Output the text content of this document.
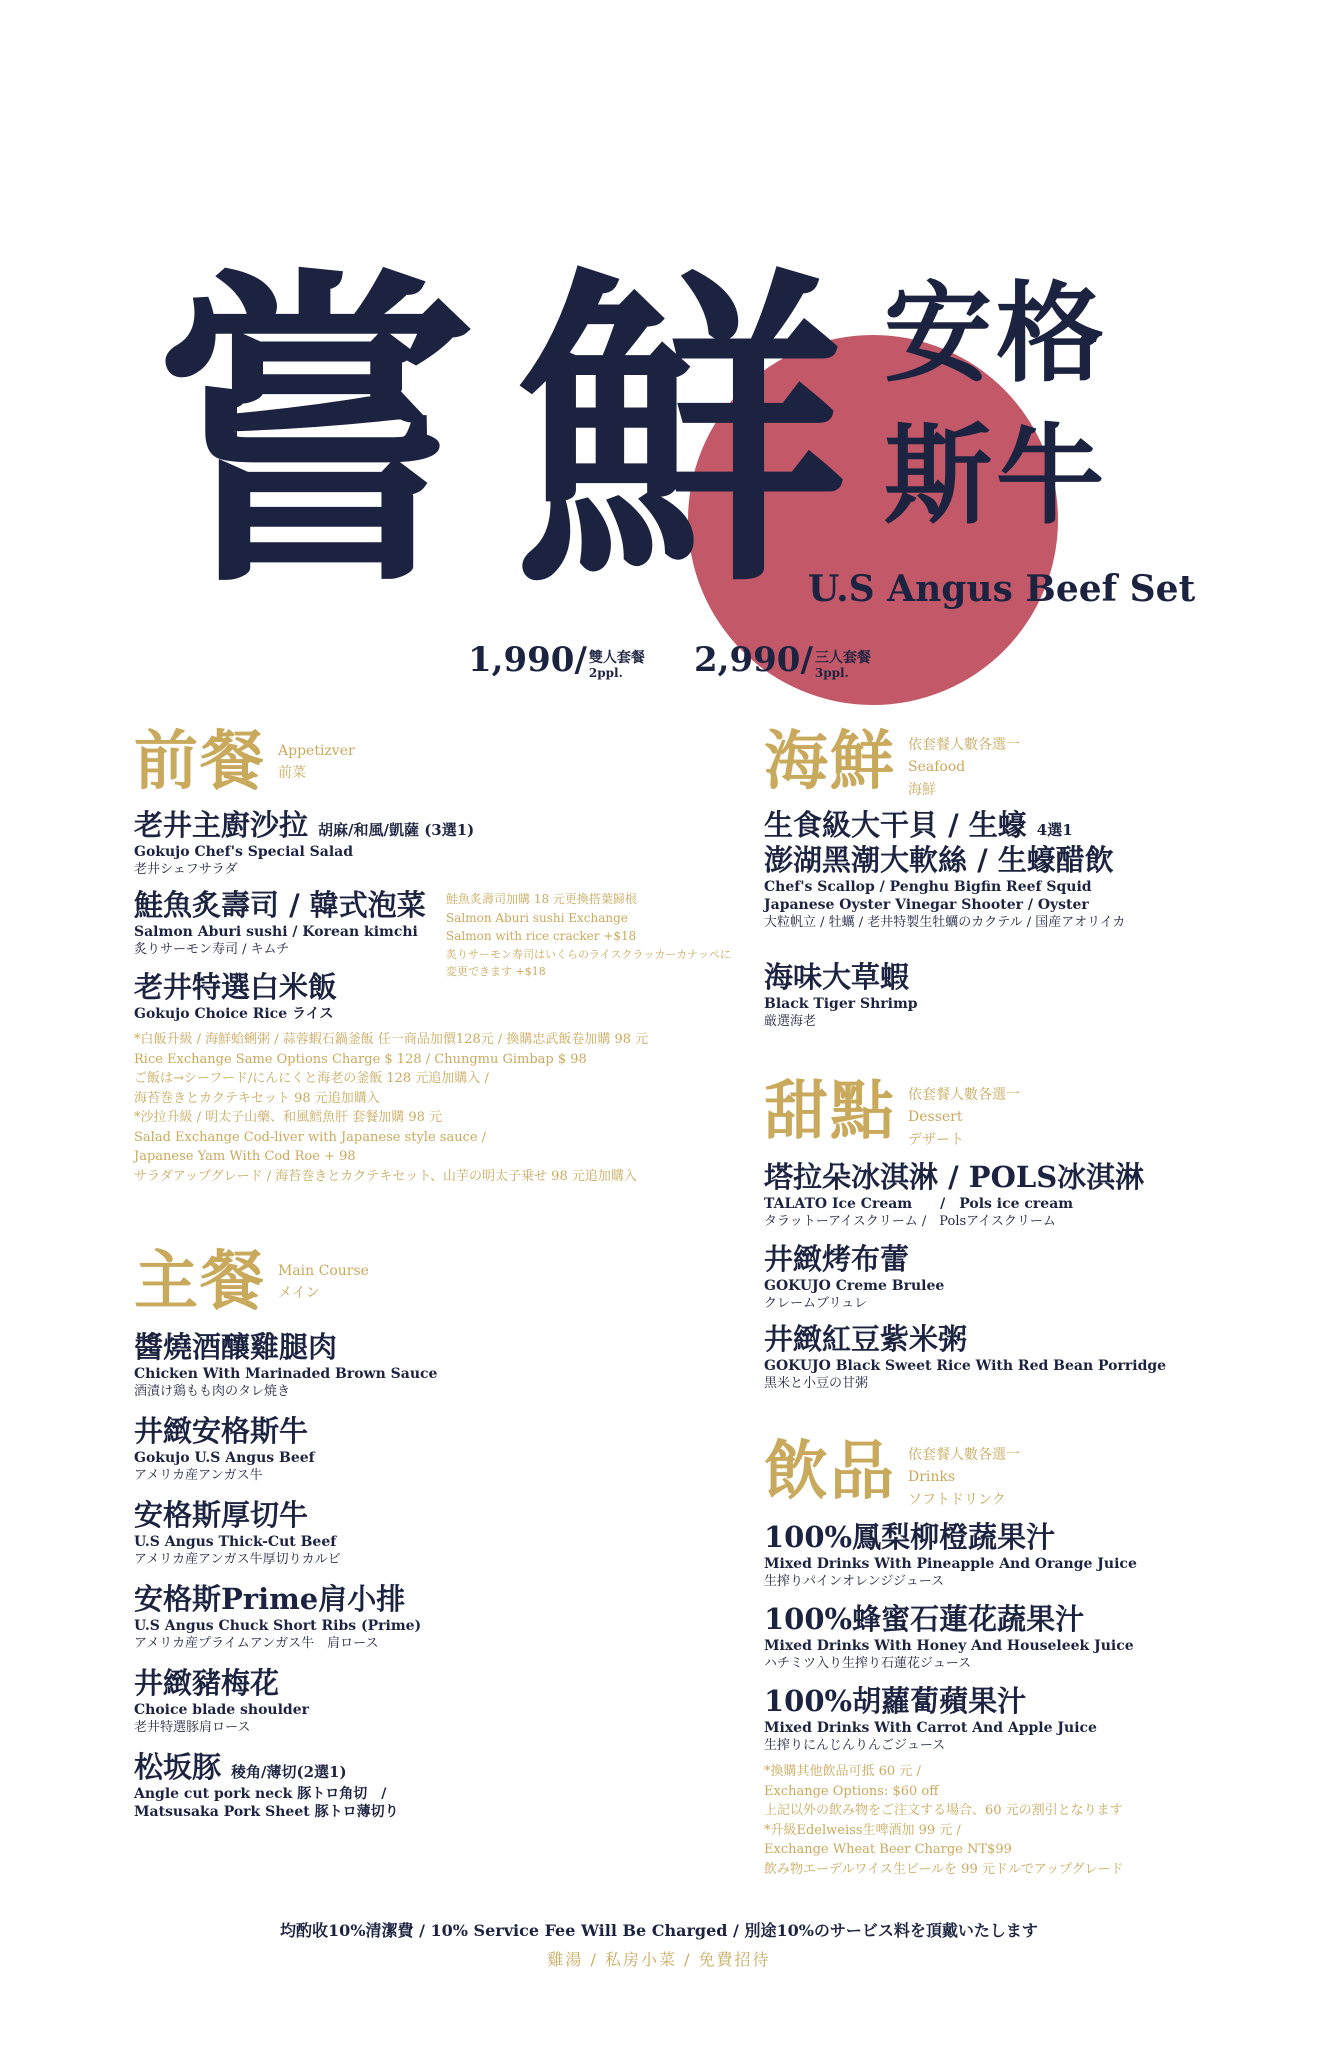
嘗 鮮 安格
斯牛
U.S Angus Beef Set
1,990/ 雙人套餐
2ppl.	2,990/ 三人套餐
3ppl.
前餐 Appetizver
前菜
老井主廚沙拉 胡麻/和風/凱薩 (3選1)
Gokujo Chef's Special Salad
老井シェフサラダ
鮭魚炙壽司 / 韓式泡菜
Salmon Aburi sushi / Korean kimchi
炙りサーモン寿司 / キムチ
鮭魚炙壽司加購 18 元更換搭葉歸根
Salmon Aburi sushi Exchange
Salmon with rice cracker +$18
炙りサーモン寿司はいくらのライスクラッカーカナッペに
変更できます +$18
老井特選白米飯
Gokujo Choice Rice ライス
*白飯升級 / 海鮮蛤蜊粥 / 蒜蓉蝦石鍋釜飯 任一商品加價128元 / 換購忠武飯卷加購 98 元
Rice Exchange Same Options Charge $ 128 / Chungmu Gimbap $ 98
ご飯は→シーフード/にんにくと海老の釜飯 128 元追加購入 /
海苔巻きとカクテキセット 98 元追加購入
*沙拉升級 / 明太子山藥、和風鱈魚肝 套餐加購 98 元
Salad Exchange Cod-liver with Japanese style sauce /
Japanese Yam With Cod Roe + 98
サラダアップグレード / 海苔巻きとカクテキセット、山芋の明太子乗せ 98 元追加購入
主餐 Main Course
メイン
醬燒酒釀雞腿肉
Chicken With Marinaded Brown Sauce
酒漬け鶏もも肉のタレ焼き
井緻安格斯牛
Gokujo U.S Angus Beef
アメリカ産アンガス牛
安格斯厚切牛
U.S Angus Thick-Cut Beef
アメリカ産アンガス牛厚切りカルビ
安格斯Prime肩小排
U.S Angus Chuck Short Ribs (Prime)
アメリカ産プライムアンガス牛　肩ロース
井緻豬梅花
Choice blade shoulder
老井特選豚肩ロース
松坂豚 稜角/薄切(2選1)
Angle cut pork neck 豚トロ角切　/
Matsusaka Pork Sheet 豚トロ薄切り
海鮮 依套餐人數各選一
Seafood
海鮮
生食級大干貝 / 生蠔 4選1
澎湖黑潮大軟絲 / 生蠔醋飲
Chef's Scallop / Penghu Bigfin Reef Squid
Japanese Oyster Vinegar Shooter / Oyster
大粒帆立 / 牡蠣 / 老井特製生牡蠣のカクテル / 国産アオリイカ
海味大草蝦
Black Tiger Shrimp
厳選海老
甜點 依套餐人數各選一
Dessert
デザート
塔拉朵冰淇淋 / POLS冰淇淋
TALATO Ice Cream　　/　Pols ice cream
タラットーアイスクリーム /　Polsアイスクリーム
井緻烤布蕾
GOKUJO Creme Brulee
クレームブリュレ
井緻紅豆紫米粥
GOKUJO Black Sweet Rice With Red Bean Porridge
黒米と小豆の甘粥
飲品 依套餐人數各選一
Drinks
ソフトドリンク
100%鳳梨柳橙蔬果汁
Mixed Drinks With Pineapple And Orange Juice
生搾りパインオレンジジュース
100%蜂蜜石蓮花蔬果汁
Mixed Drinks With Honey And Houseleek Juice
ハチミツ入り生搾り石蓮花ジュース
100%胡蘿蔔蘋果汁
Mixed Drinks With Carrot And Apple Juice
生搾りにんじんりんごジュース
*換購其他飲品可抵 60 元 /
Exchange Options: $60 off
上記以外の飲み物をご注文する場合、60 元の割引となります
*升級Edelweiss生啤酒加 99 元 /
Exchange Wheat Beer Charge NT$99
飲み物エーデルワイス生ビールを 99 元ドルでアップグレード
均酌收10%清潔費 / 10% Service Fee Will Be Charged / 別途10%のサービス料を頂戴いたします
雞湯 / 私房小菜 / 免費招待
